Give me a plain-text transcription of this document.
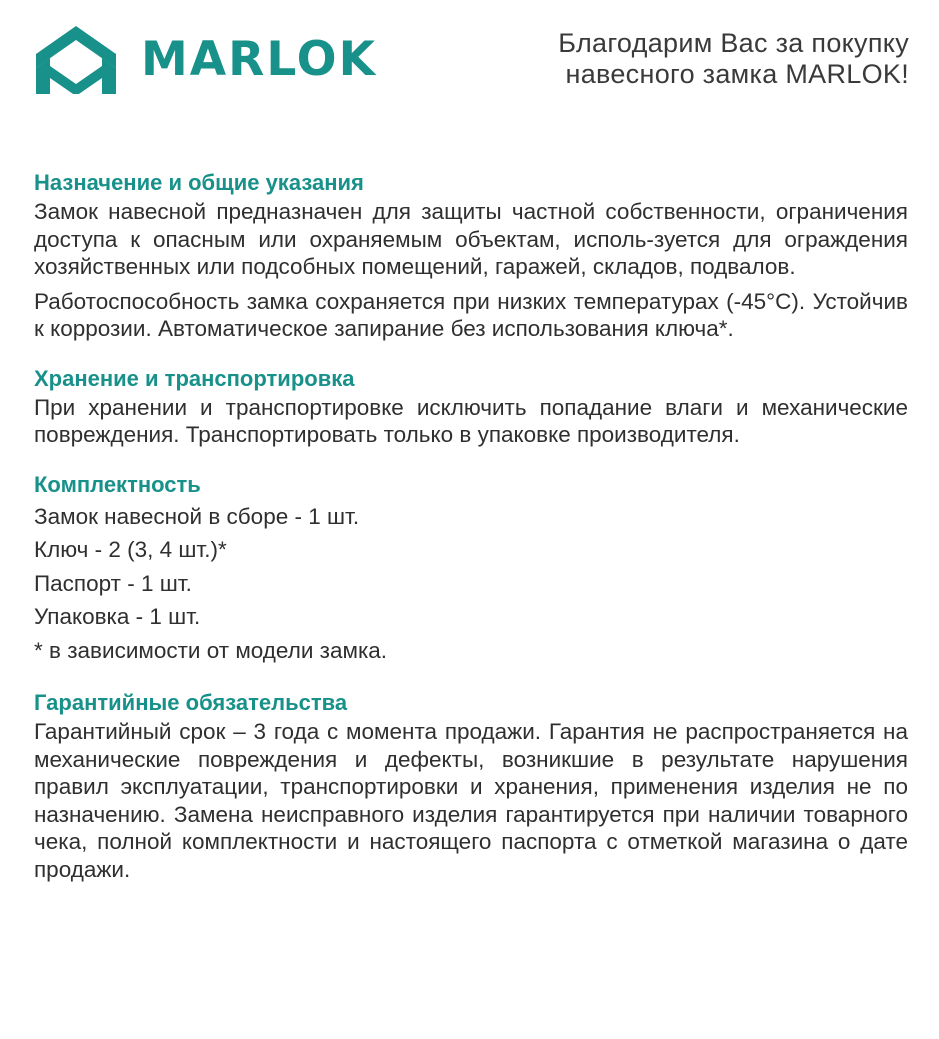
MARLOK	Благодарим Вас за покупку
навесного замка MARLOK!
Назначение и общие указания

Замок навесной предназначен для защиты частной собственности, ограничения доступа к опасным или охраняемым объектам, исполь-зуется для ограждения хозяйственных или подсобных помещений, гаражей, складов, подвалов.

Работоспособность замка сохраняется при низких температурах (-45°С). Устойчив к коррозии. Автоматическое запирание без использования ключа*.

Хранение и транспортировка

При хранении и транспортировке исключить попадание влаги и механические повреждения. Транспортировать только в упаковке производителя.

Комплектность

Замок навесной в сборе - 1 шт.

Ключ - 2 (3, 4 шт.)*

Паспорт - 1 шт.

Упаковка - 1 шт.

* в зависимости от модели замка.

Гарантийные обязательства

Гарантийный срок – 3 года с момента продажи. Гарантия не распространяется на механические повреждения и дефекты, возникшие в результате нарушения правил эксплуатации, транспортировки и хранения, применения изделия не по назначению. Замена неисправного изделия гарантируется при наличии товарного чека, полной комплектности и настоящего паспорта с отметкой магазина о дате продажи.
